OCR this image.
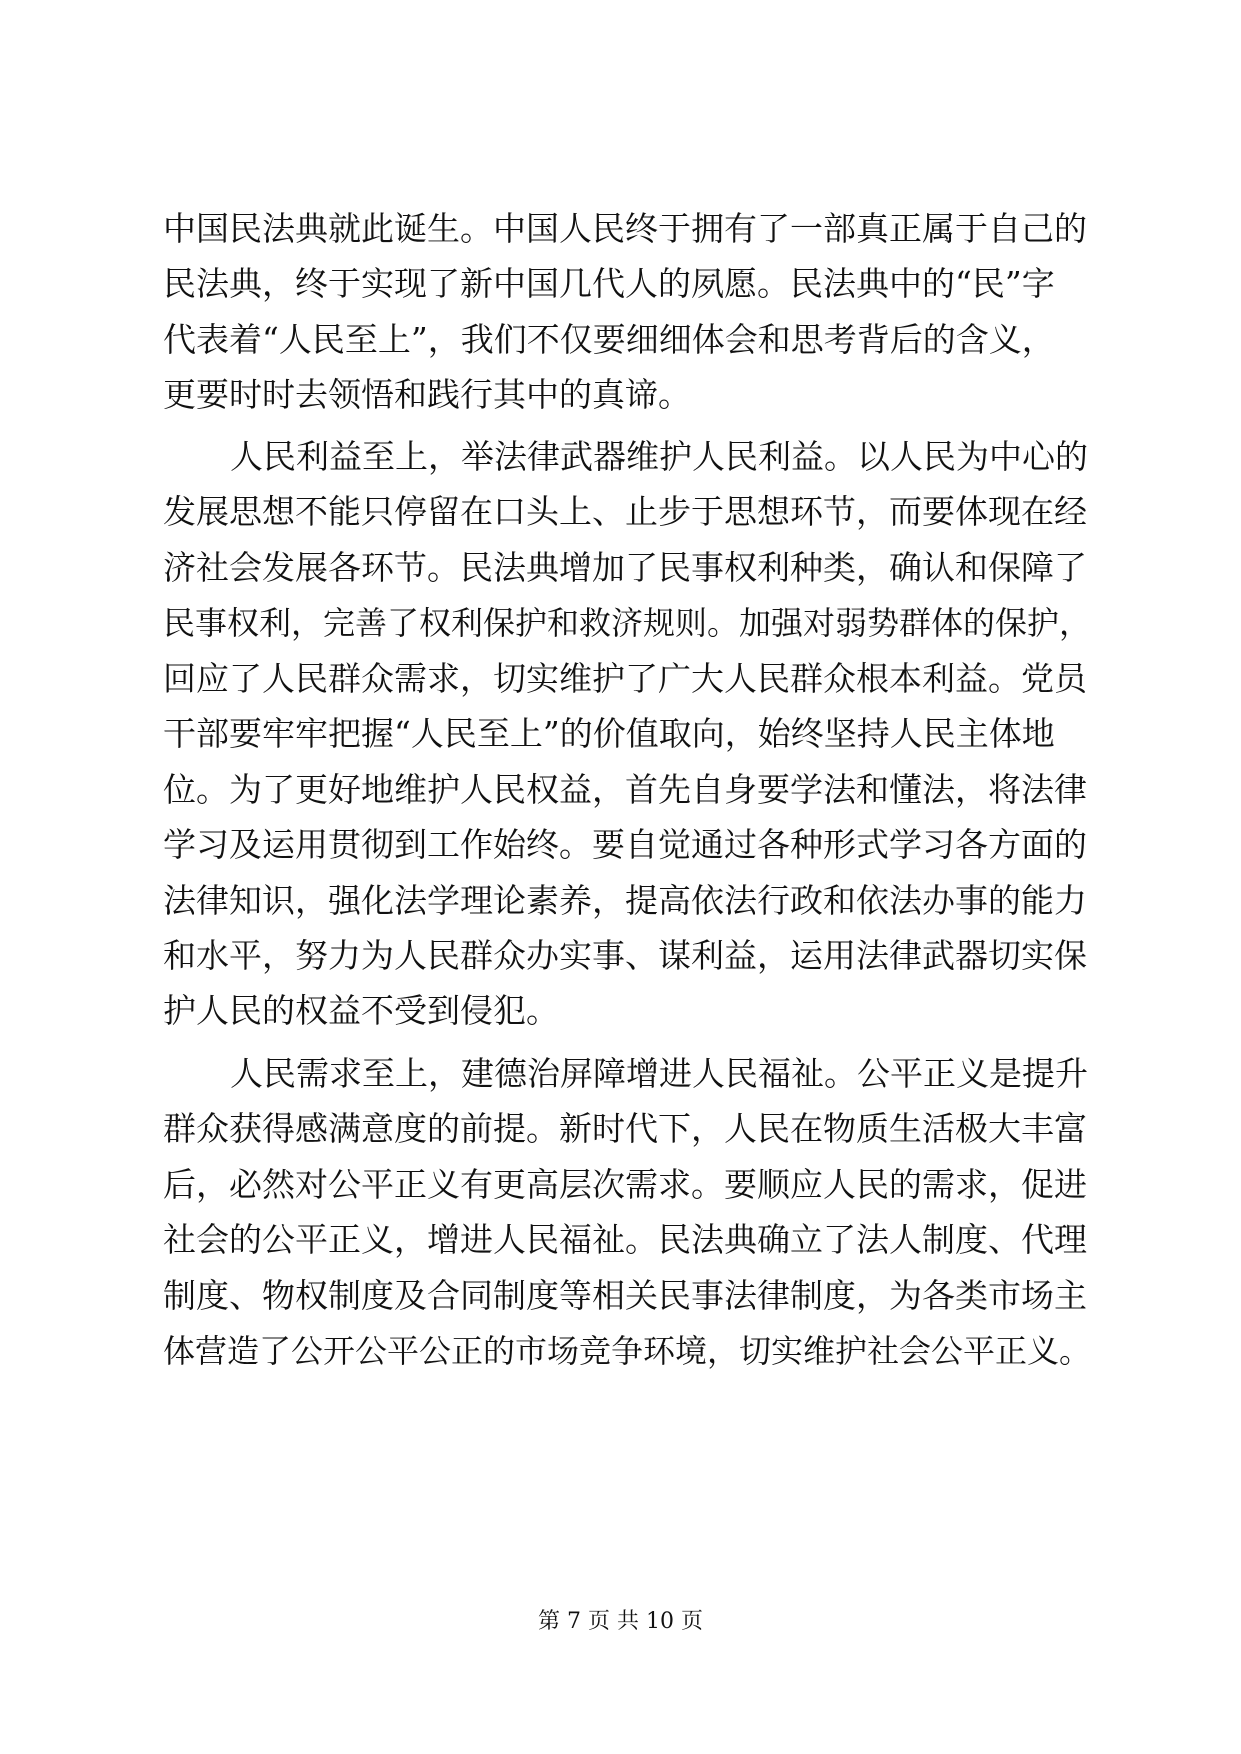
中国民法典就此诞生。中国人民终于拥有了一部真正属于自己的
民法典，终于实现了新中国几代人的夙愿。民法典中的“民”字
代表着“人民至上”，我们不仅要细细体会和思考背后的含义，
更要时时去领悟和践行其中的真谛。
人民利益至上，举法律武器维护人民利益。以人民为中心的
发展思想不能只停留在口头上、止步于思想环节，而要体现在经
济社会发展各环节。民法典增加了民事权利种类，确认和保障了
民事权利，完善了权利保护和救济规则。加强对弱势群体的保护，
回应了人民群众需求，切实维护了广大人民群众根本利益。党员
干部要牢牢把握“人民至上”的价值取向，始终坚持人民主体地
位。为了更好地维护人民权益，首先自身要学法和懂法，将法律
学习及运用贯彻到工作始终。要自觉通过各种形式学习各方面的
法律知识，强化法学理论素养，提高依法行政和依法办事的能力
和水平，努力为人民群众办实事、谋利益，运用法律武器切实保
护人民的权益不受到侵犯。
人民需求至上，建德治屏障增进人民福祉。公平正义是提升
群众获得感满意度的前提。新时代下，人民在物质生活极大丰富
后，必然对公平正义有更高层次需求。要顺应人民的需求，促进
社会的公平正义，增进人民福祉。民法典确立了法人制度、代理
制度、物权制度及合同制度等相关民事法律制度，为各类市场主
体营造了公开公平公正的市场竞争环境，切实维护社会公平正义。
第 7 页 共 10 页
